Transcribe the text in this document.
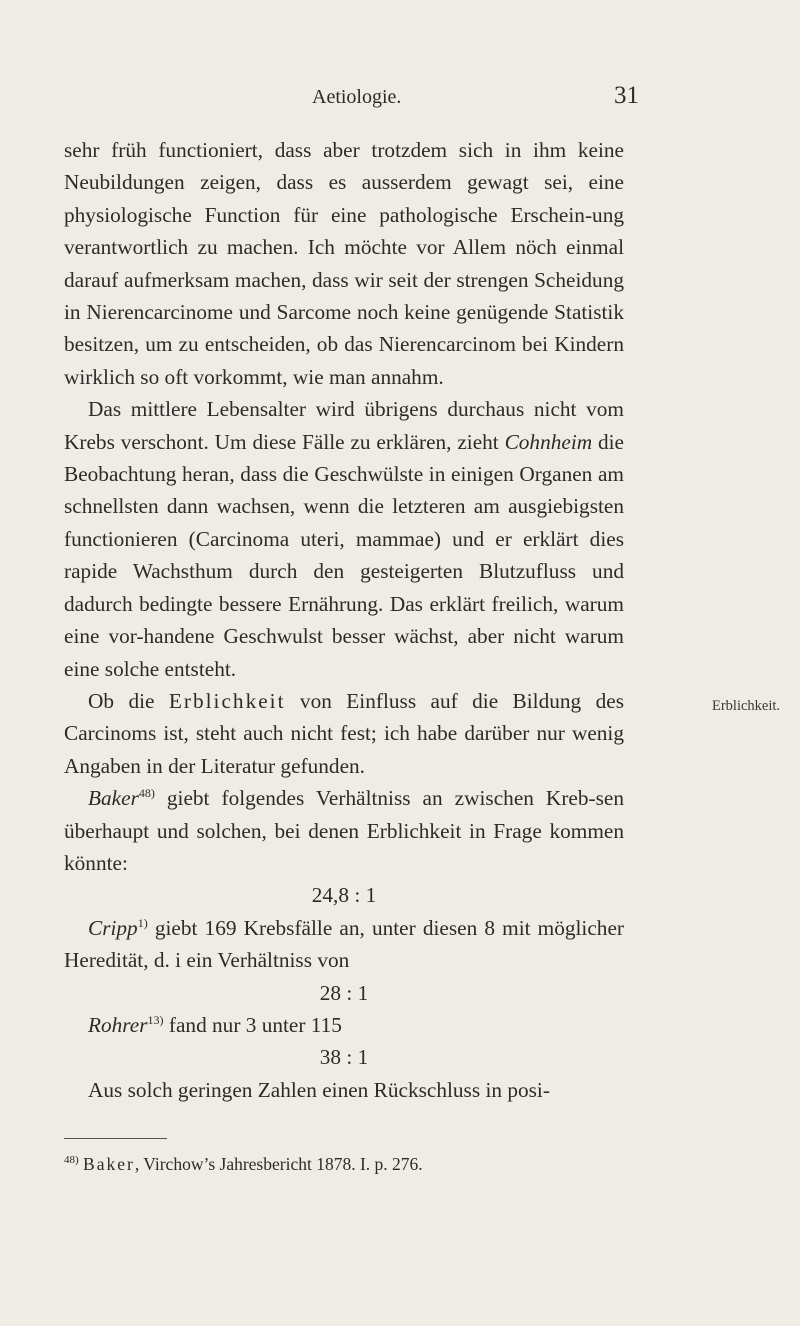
Aetiologie.	31

sehr früh functioniert, dass aber trotzdem sich in ihm keine Neubildungen zeigen, dass es ausserdem gewagt sei, eine physiologische Function für eine pathologische Erschein-ung verantwortlich zu machen. Ich möchte vor Allem nöch einmal darauf aufmerksam machen, dass wir seit der strengen Scheidung in Nierencarcinome und Sarcome noch keine genügende Statistik besitzen, um zu entscheiden, ob das Nierencarcinom bei Kindern wirklich so oft vorkommt, wie man annahm.

Das mittlere Lebensalter wird übrigens durchaus nicht vom Krebs verschont. Um diese Fälle zu erklären, zieht Cohnheim die Beobachtung heran, dass die Geschwülste in einigen Organen am schnellsten dann wachsen, wenn die letzteren am ausgiebigsten functionieren (Carcinoma uteri, mammae) und er erklärt dies rapide Wachsthum durch den gesteigerten Blutzufluss und dadurch bedingte bessere Ernährung. Das erklärt freilich, warum eine vor-handene Geschwulst besser wächst, aber nicht warum eine solche entsteht.

Ob die Erblichkeit von Einfluss auf die Bildung des Carcinoms ist, steht auch nicht fest; ich habe darüber nur wenig Angaben in der Literatur gefunden.

Baker$^{48)}$ giebt folgendes Verhältniss an zwischen Kreb-sen überhaupt und solchen, bei denen Erblichkeit in Frage kommen könnte:

24,8 : 1

Cripp$^{1)}$ giebt 169 Krebsfälle an, unter diesen 8 mit möglicher Heredität, d. i ein Verhältniss von

28 : 1

Rohrer$^{13)}$ fand nur 3 unter 115

38 : 1

Aus solch geringen Zahlen einen Rückschluss in posi-

Erblichkeit.
$^{48)}$ Baker, Virchow’s Jahresbericht 1878. I. p. 276.
